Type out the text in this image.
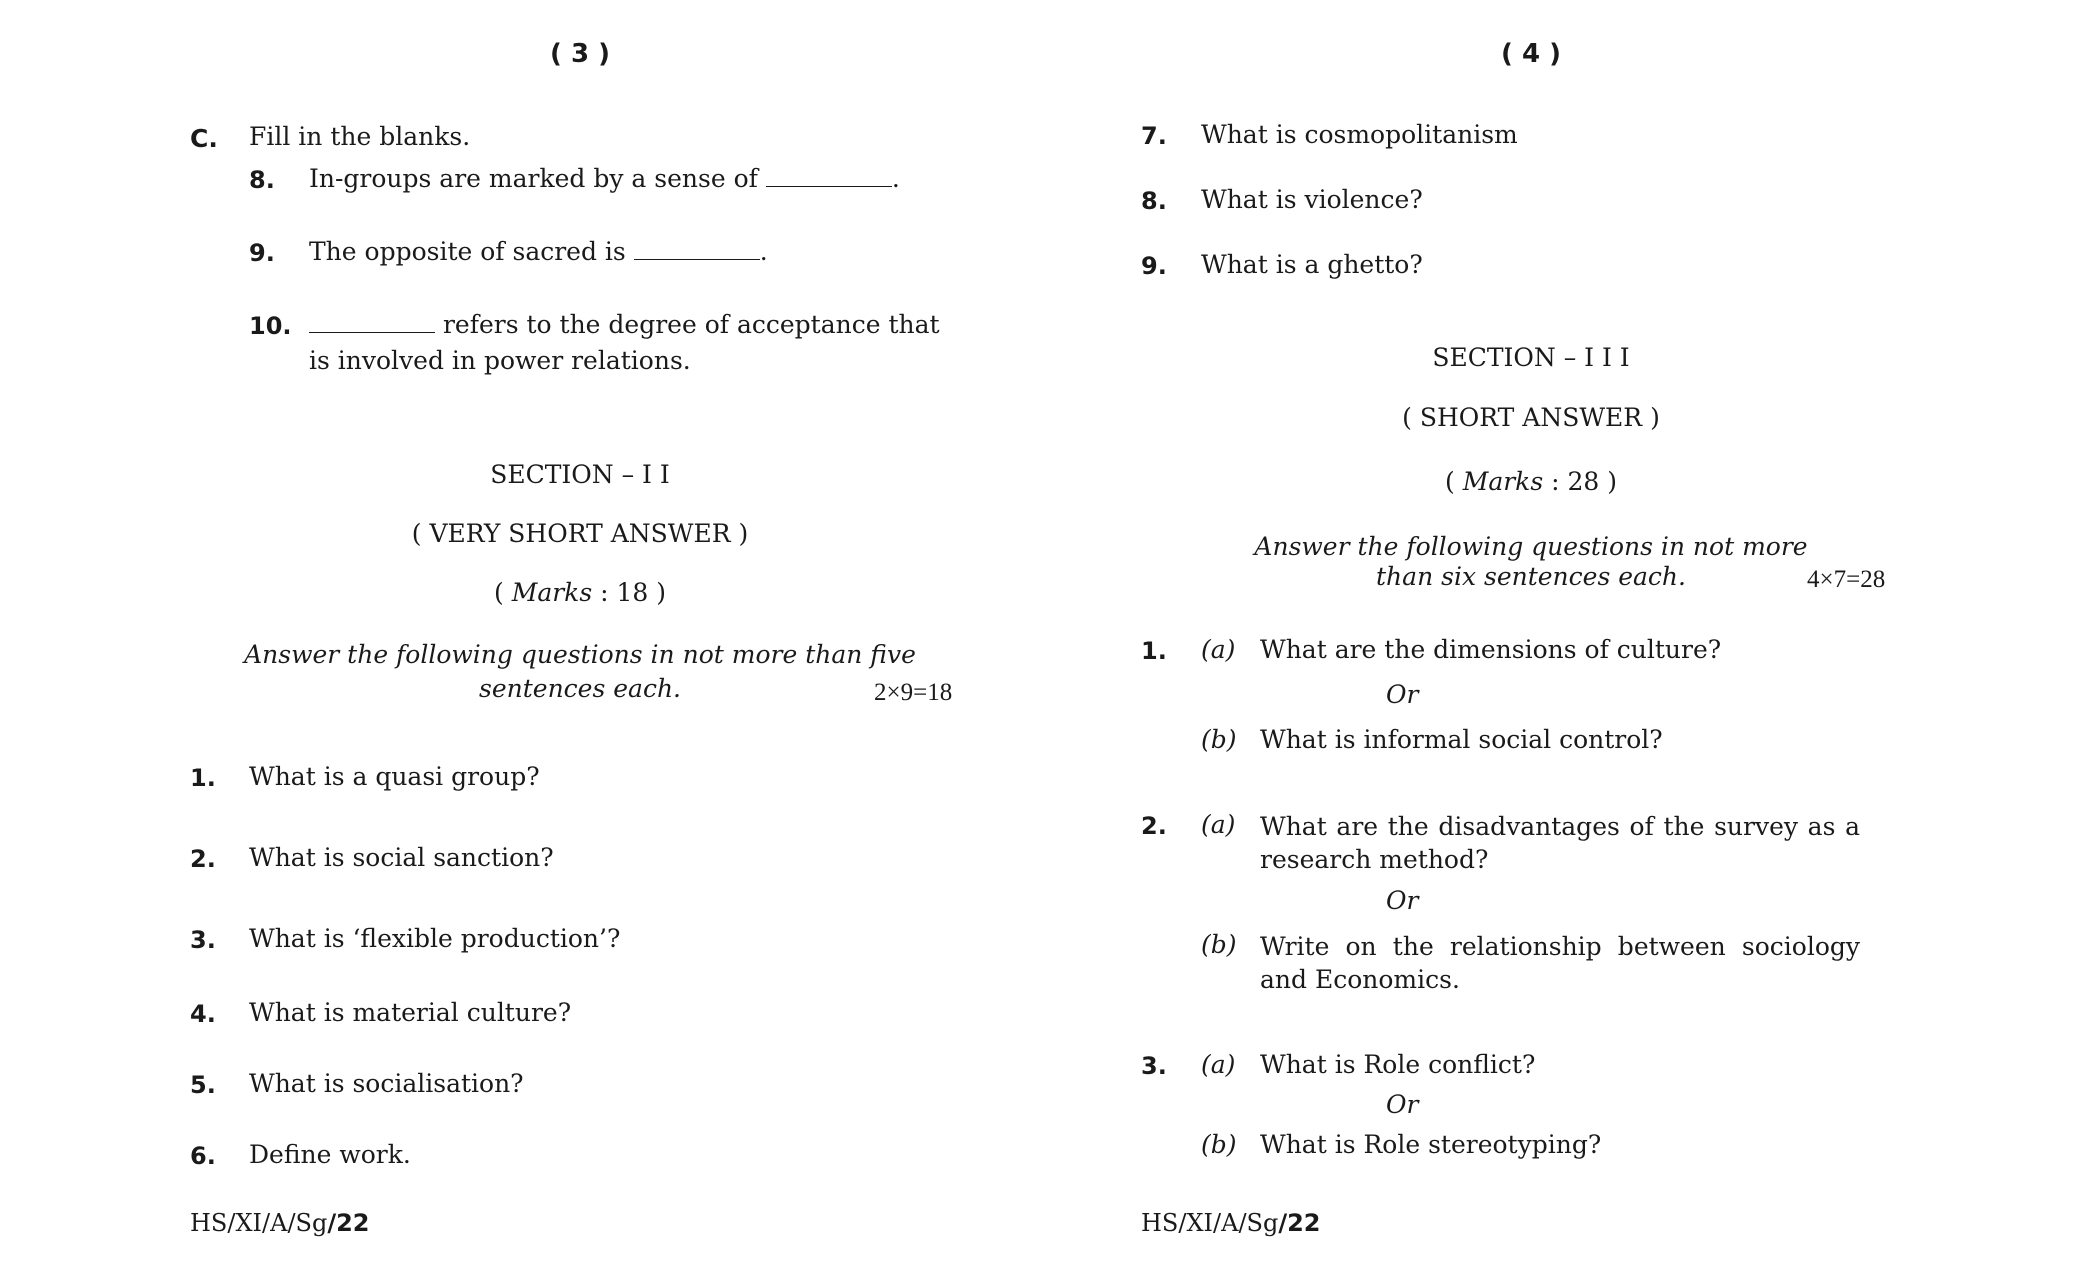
( 3 )
C. Fill in the blanks.
8. In-groups are marked by a sense of	.
9. The opposite of sacred is	.
10.	refers to the degree of acceptance that
is involved in power relations.
SECTION – I I
( VERY SHORT ANSWER )
( Marks : 18 )
Answer the following questions in not more than five
sentences each.	2×9=18
1. What is a quasi group?
2. What is social sanction?
3. What is ‘flexible production’?
4. What is material culture?
5. What is socialisation?
6. Define work.
HS/XI/A/Sg/22
( 4 )
7. What is cosmopolitanism
8. What is violence?
9. What is a ghetto?
SECTION – I I I
( SHORT ANSWER )
( Marks : 28 )
Answer the following questions in not more
than six sentences each.	4×7=28
1. (a) What are the dimensions of culture?
Or
(b) What is informal social control?
2. (a) What are the disadvantages of the survey as a research method?
Or
(b) Write on the relationship between sociology and Economics.
3. (a) What is Role conflict?
Or
(b) What is Role stereotyping?
HS/XI/A/Sg/22
